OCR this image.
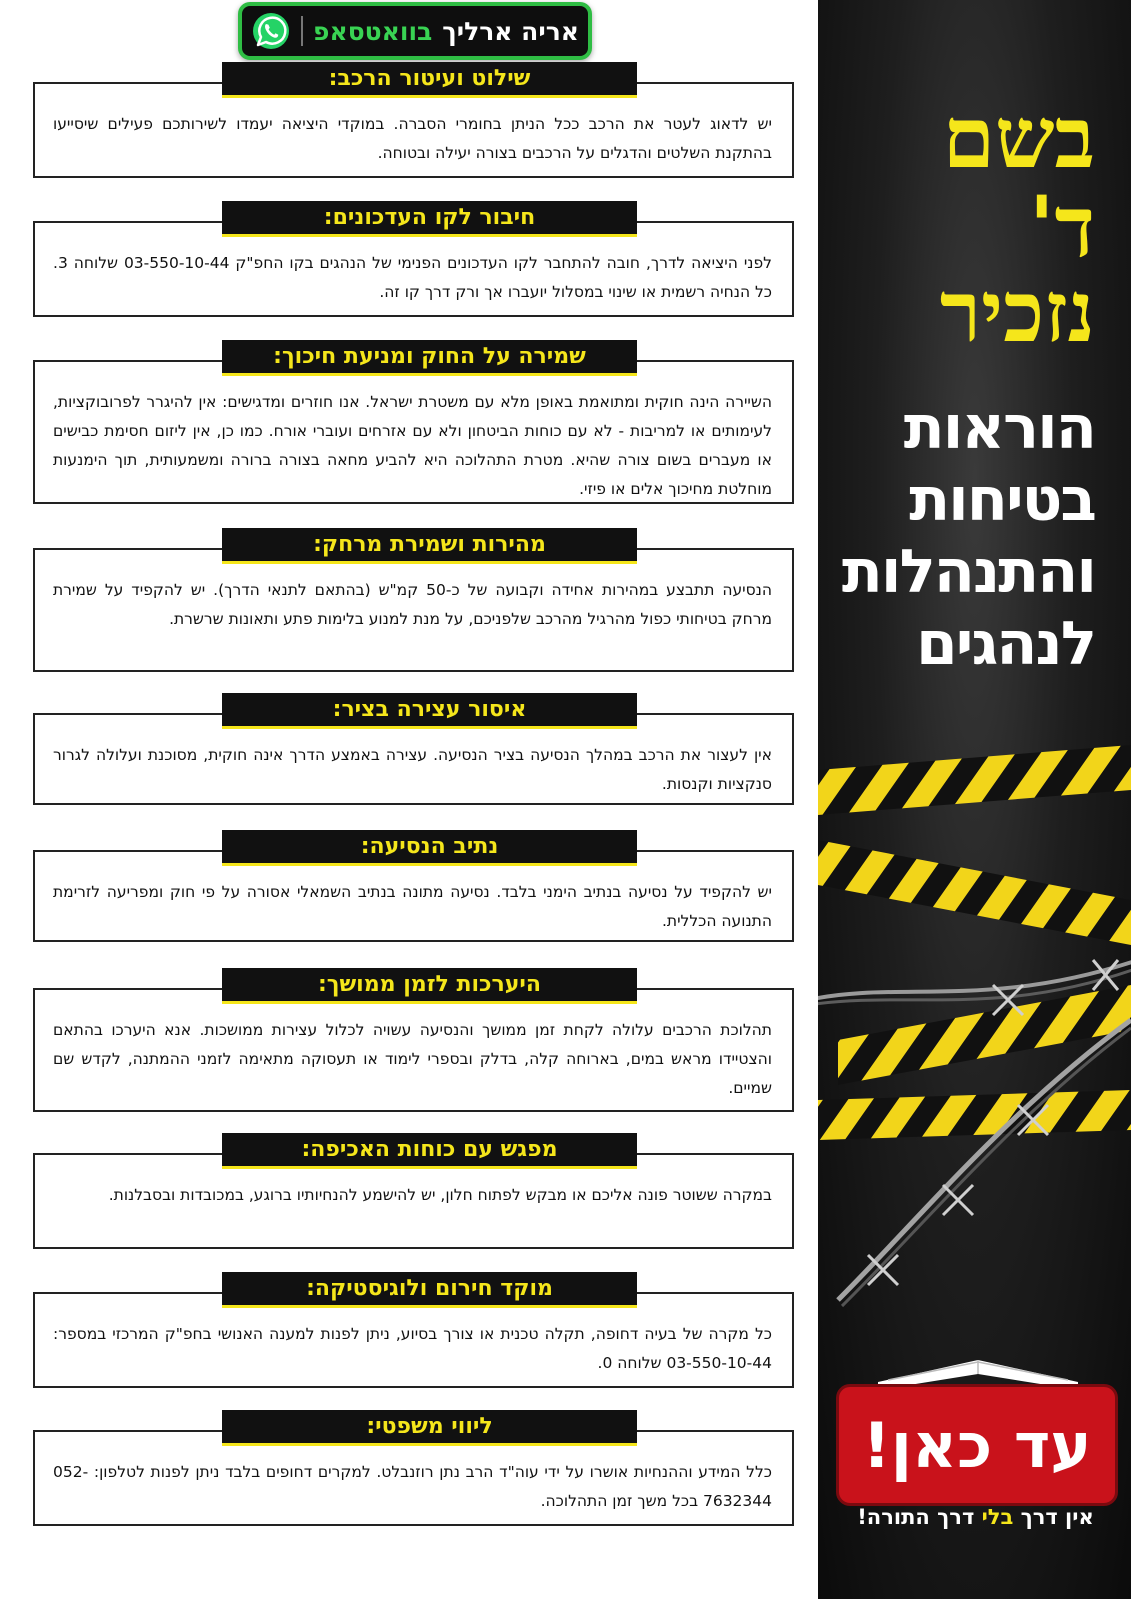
בוואטסאפ אריה ארליך
שילוט ועיטור הרכב:

יש לדאוג לעטר את הרכב ככל הניתן בחומרי הסברה. במוקדי היציאה יעמדו לשירותכם פעילים שיסייעו בהתקנת השלטים והדגלים על הרכבים בצורה יעילה ובטוחה.

חיבור לקו העדכונים:

לפני היציאה לדרך, חובה להתחבר לקו העדכונים הפנימי של הנהגים בקו החפ"ק 03-550-10-44 שלוחה 3. כל הנחיה רשמית או שינוי במסלול יועברו אך ורק דרך קו זה.

שמירה על החוק ומניעת חיכוך:

השיירה הינה חוקית ומתואמת באופן מלא עם משטרת ישראל. אנו חוזרים ומדגישים: אין להיגרר לפרובוקציות, לעימותים או למריבות - לא עם כוחות הביטחון ולא עם אזרחים ועוברי אורח. כמו כן, אין ליזום חסימת כבישים או מעברים בשום צורה שהיא. מטרת התהלוכה היא להביע מחאה בצורה ברורה ומשמעותית, תוך הימנעות מוחלטת מחיכוך אלים או פיזי.

מהירות ושמירת מרחק:

הנסיעה תתבצע במהירות אחידה וקבועה של כ-50 קמ"ש (בהתאם לתנאי הדרך). יש להקפיד על שמירת מרחק בטיחותי כפול מהרגיל מהרכב שלפניכם, על מנת למנוע בלימות פתע ותאונות שרשרת.

איסור עצירה בציר:

אין לעצור את הרכב במהלך הנסיעה בציר הנסיעה. עצירה באמצע הדרך אינה חוקית, מסוכנת ועלולה לגרור סנקציות וקנסות.

נתיב הנסיעה:

יש להקפיד על נסיעה בנתיב הימני בלבד. נסיעה מתונה בנתיב השמאלי אסורה על פי חוק ומפריעה לזרימת התנועה הכללית.

היערכות לזמן ממושך:

תהלוכת הרכבים עלולה לקחת זמן ממושך והנסיעה עשויה לכלול עצירות ממושכות. אנא היערכו בהתאם והצטיידו מראש במים, בארוחה קלה, בדלק ובספרי לימוד או תעסוקה מתאימה לזמני ההמתנה, לקדש שם שמיים.

מפגש עם כוחות האכיפה:

במקרה ששוטר פונה אליכם או מבקש לפתוח חלון, יש להישמע להנחיותיו ברוגע, במכובדות ובסבלנות.

מוקד חירום ולוגיסטיקה:

כל מקרה של בעיה דחופה, תקלה טכנית או צורך בסיוע, ניתן לפנות למענה האנושי בחפ"ק המרכזי במספר: 03-550-10-44 שלוחה 0.

ליווי משפטי:

כלל המידע וההנחיות אושרו על ידי עוה"ד הרב נתן רוזנבלט. למקרים דחופים בלבד ניתן לפנות לטלפון: 052-7632344 בכל משך זמן התהלוכה.

בשם
ד'
נזכיר
הוראות
בטיחות
והתנהלות
לנהגים
עד כאן!
אין דרך בלי דרך התורה!
